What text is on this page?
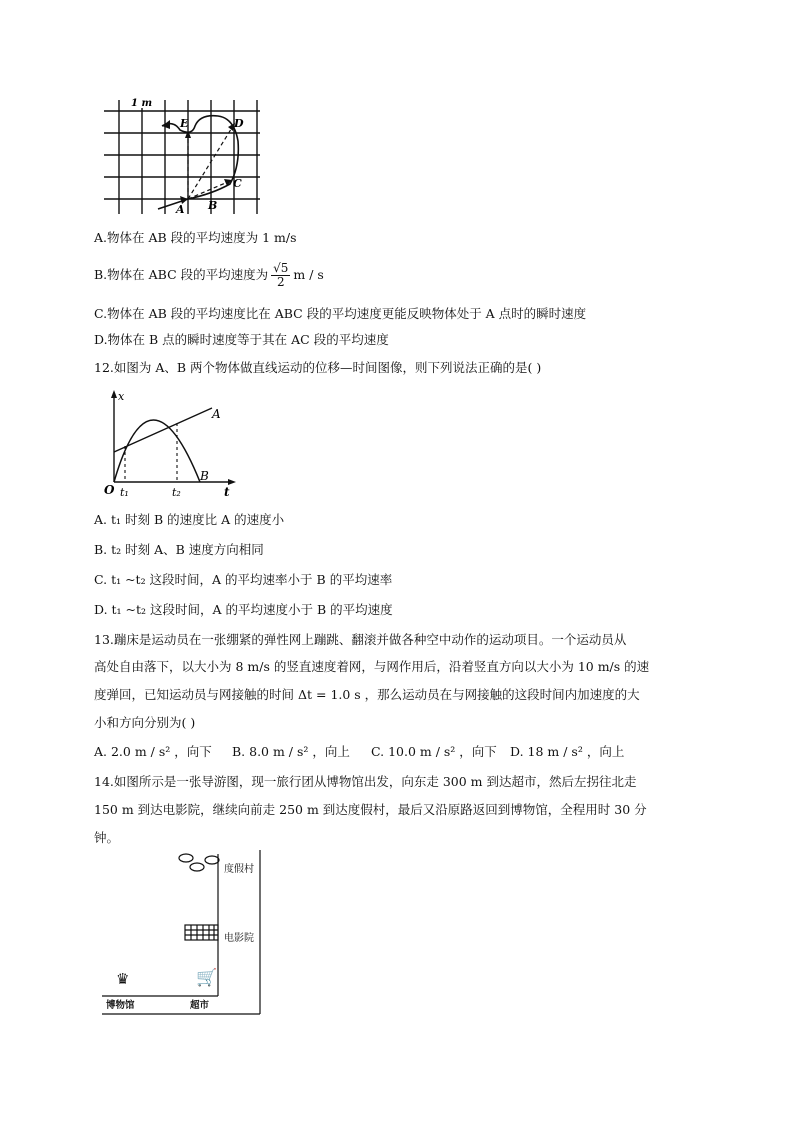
1 m
E	D
C
A B
A.物体在 AB 段的平均速度为 1 m/s
B.物体在 ABC 段的平均速度为 $\frac{√5}{2}$ m / s
C.物体在 AB 段的平均速度比在 ABC 段的平均速度更能反映物体处于 A 点时的瞬时速度
D.物体在 B 点的瞬时速度等于其在 AC 段的平均速度
12.如图为 A、B 两个物体做直线运动的位移—时间图像，则下列说法正确的是( )
x
t
O t₁	t₂
A
B
A. t₁ 时刻 B 的速度比 A 的速度小
B. t₂ 时刻 A、B 速度方向相同
C. t₁ ~t₂ 这段时间，A 的平均速率小于 B 的平均速率
D. t₁ ~t₂ 这段时间，A 的平均速度小于 B 的平均速度
13.蹦床是运动员在一张绷紧的弹性网上蹦跳、翻滚并做各种空中动作的运动项目。一个运动员从
高处自由落下，以大小为 8 m/s 的竖直速度着网，与网作用后，沿着竖直方向以大小为 10 m/s 的速
度弹回，已知运动员与网接触的时间 Δt = 1.0 s ，那么运动员在与网接触的这段时间内加速度的大
小和方向分别为( )
A. 2.0 m / s² ，向下 B. 8.0 m / s² ，向上 C. 10.0 m / s² ，向下 D. 18 m / s² ，向上
14.如图所示是一张导游图，现一旅行团从博物馆出发，向东走 300 m 到达超市，然后左拐往北走
150 m 到达电影院，继续向前走 250 m 到达度假村，最后又沿原路返回到博物馆，全程用时 30 分
钟。
度假村
电影院
♛	🛒
博物馆	超市
